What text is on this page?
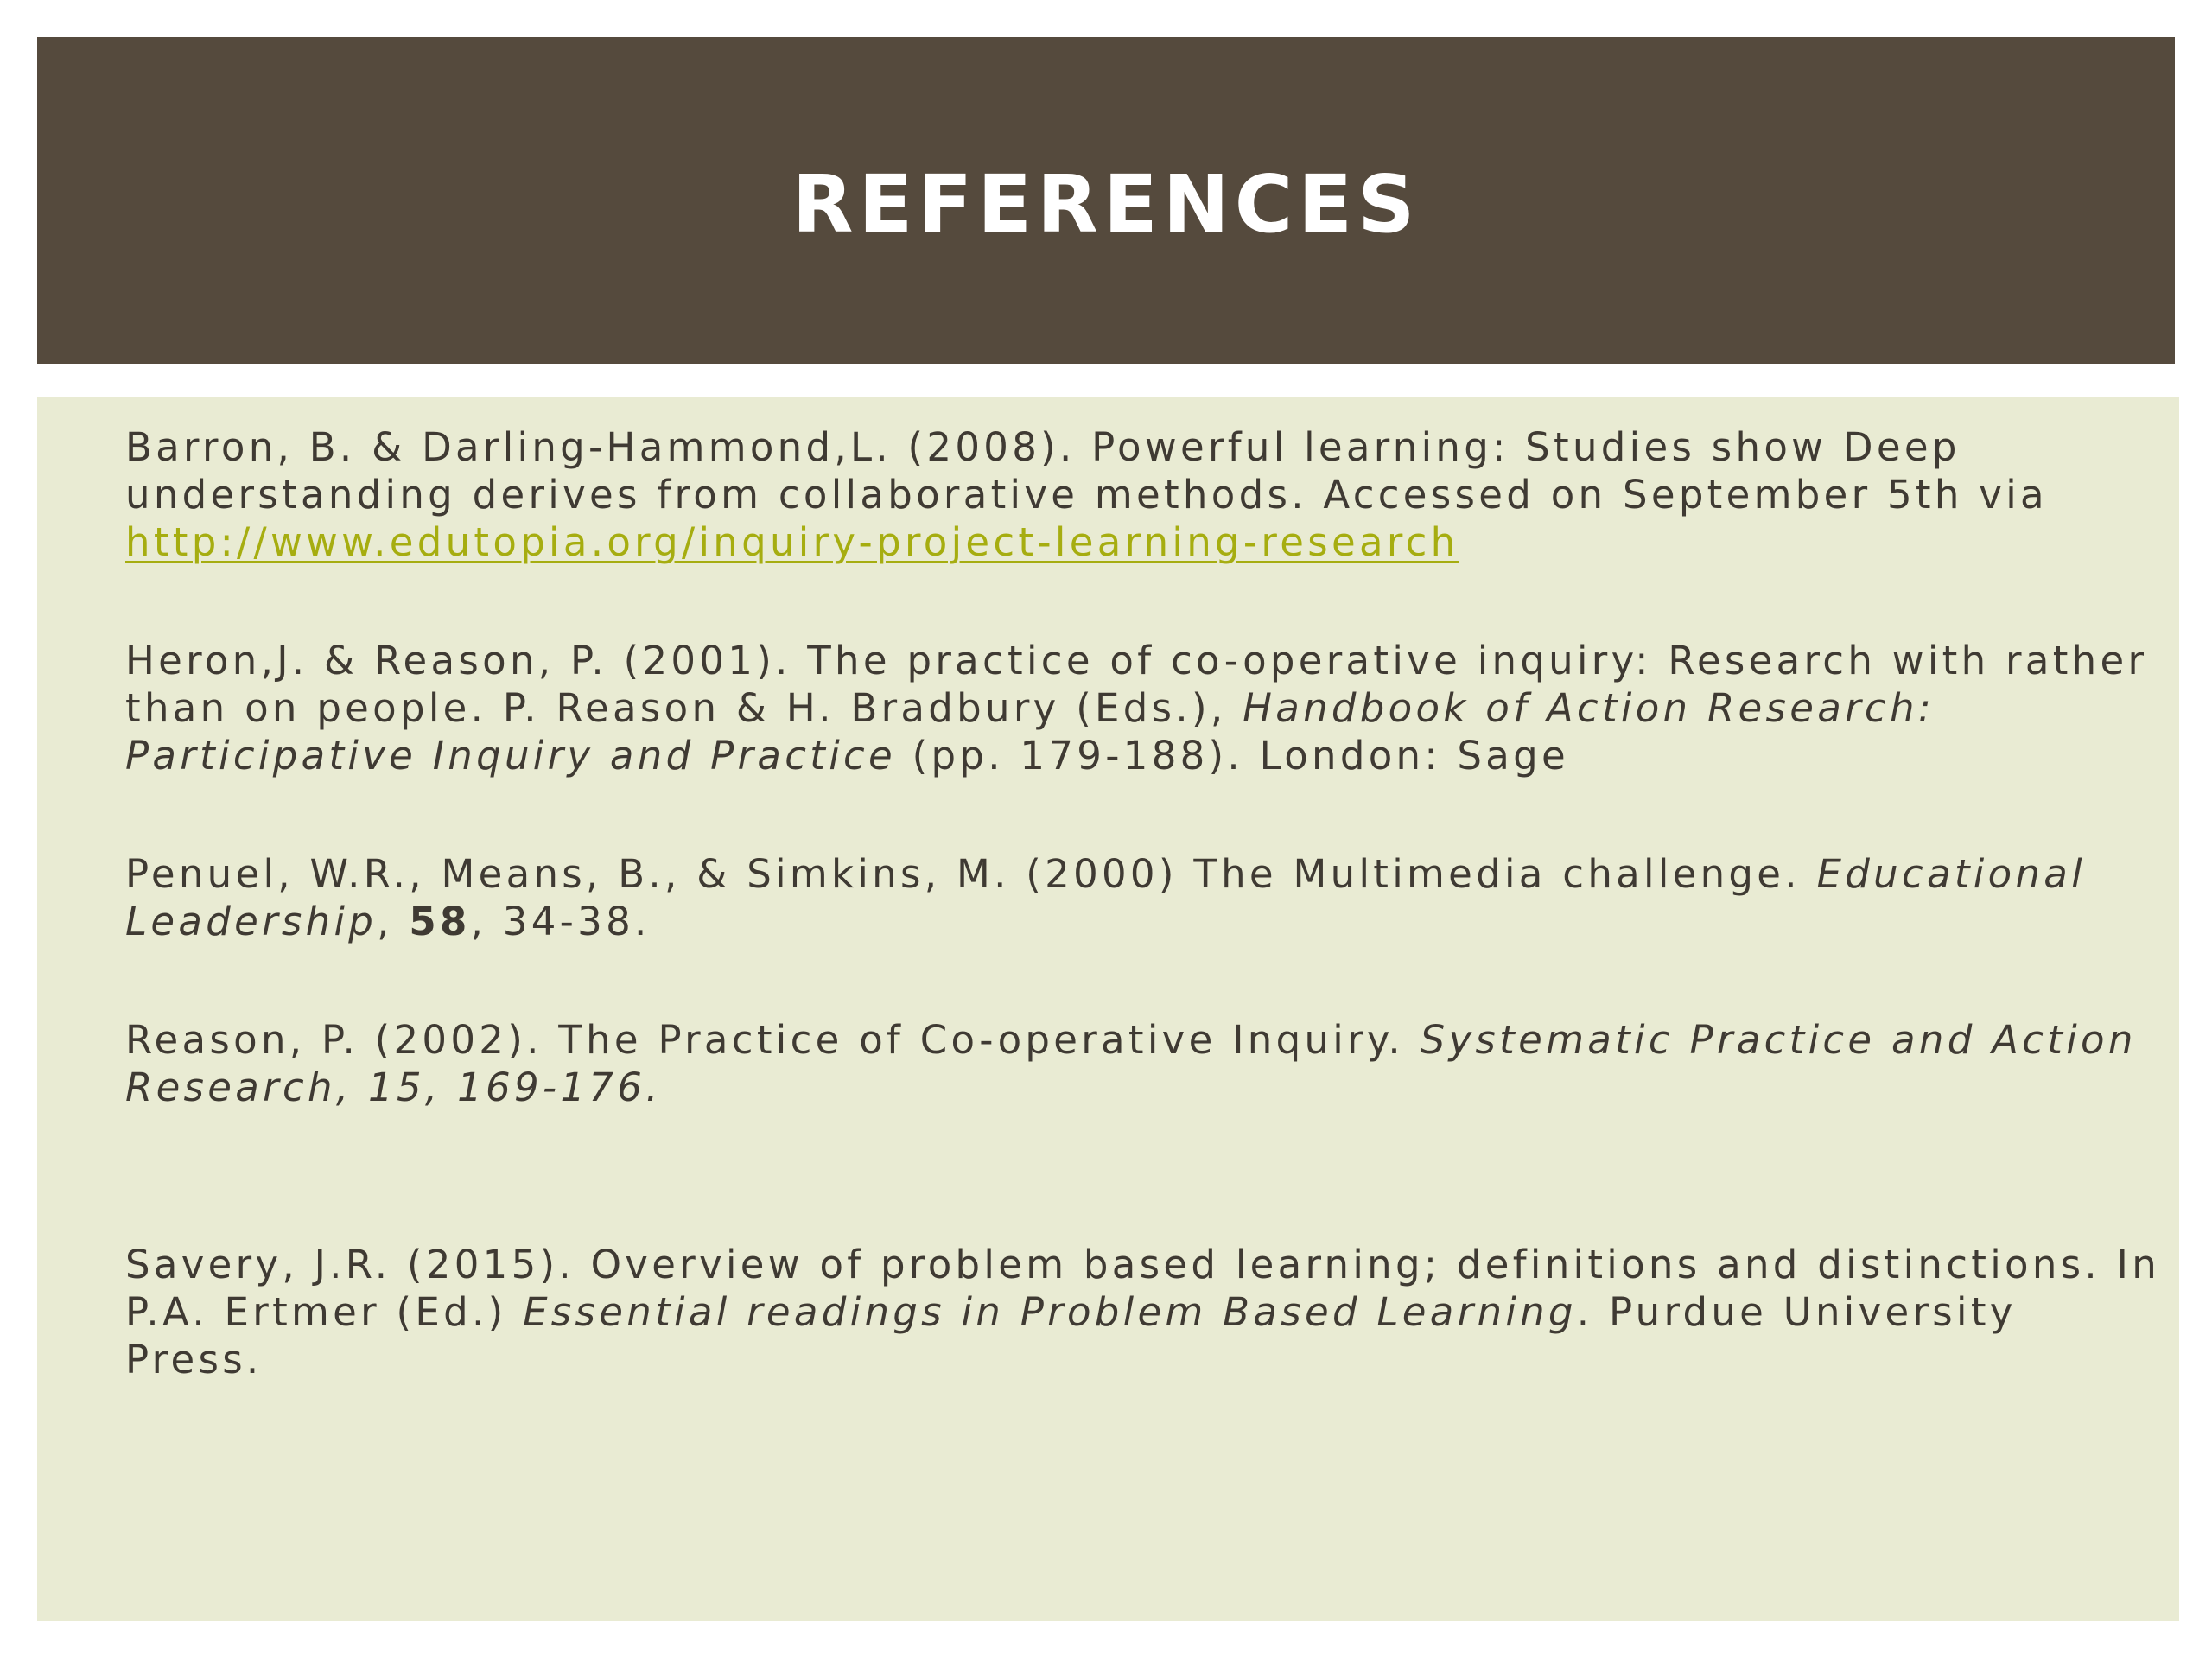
REFERENCES

Barron, B. & Darling-Hammond,L. (2008). Powerful learning: Studies show Deep understanding derives from collaborative methods. Accessed on September 5th via http://www.edutopia.org/inquiry-project-learning-research

Heron,J. & Reason, P. (2001). The practice of co-operative inquiry: Research with rather than on people. P. Reason & H. Bradbury (Eds.), Handbook of Action Research: Participative Inquiry and Practice (pp. 179-188). London: Sage

Penuel, W.R., Means, B., & Simkins, M. (2000) The Multimedia challenge. Educational Leadership, 58, 34-38.

Reason, P. (2002). The Practice of Co-operative Inquiry. Systematic Practice and Action Research, 15, 169-176.

Savery, J.R. (2015). Overview of problem based learning; definitions and distinctions. In P.A. Ertmer (Ed.) Essential readings in Problem Based Learning. Purdue University Press.
